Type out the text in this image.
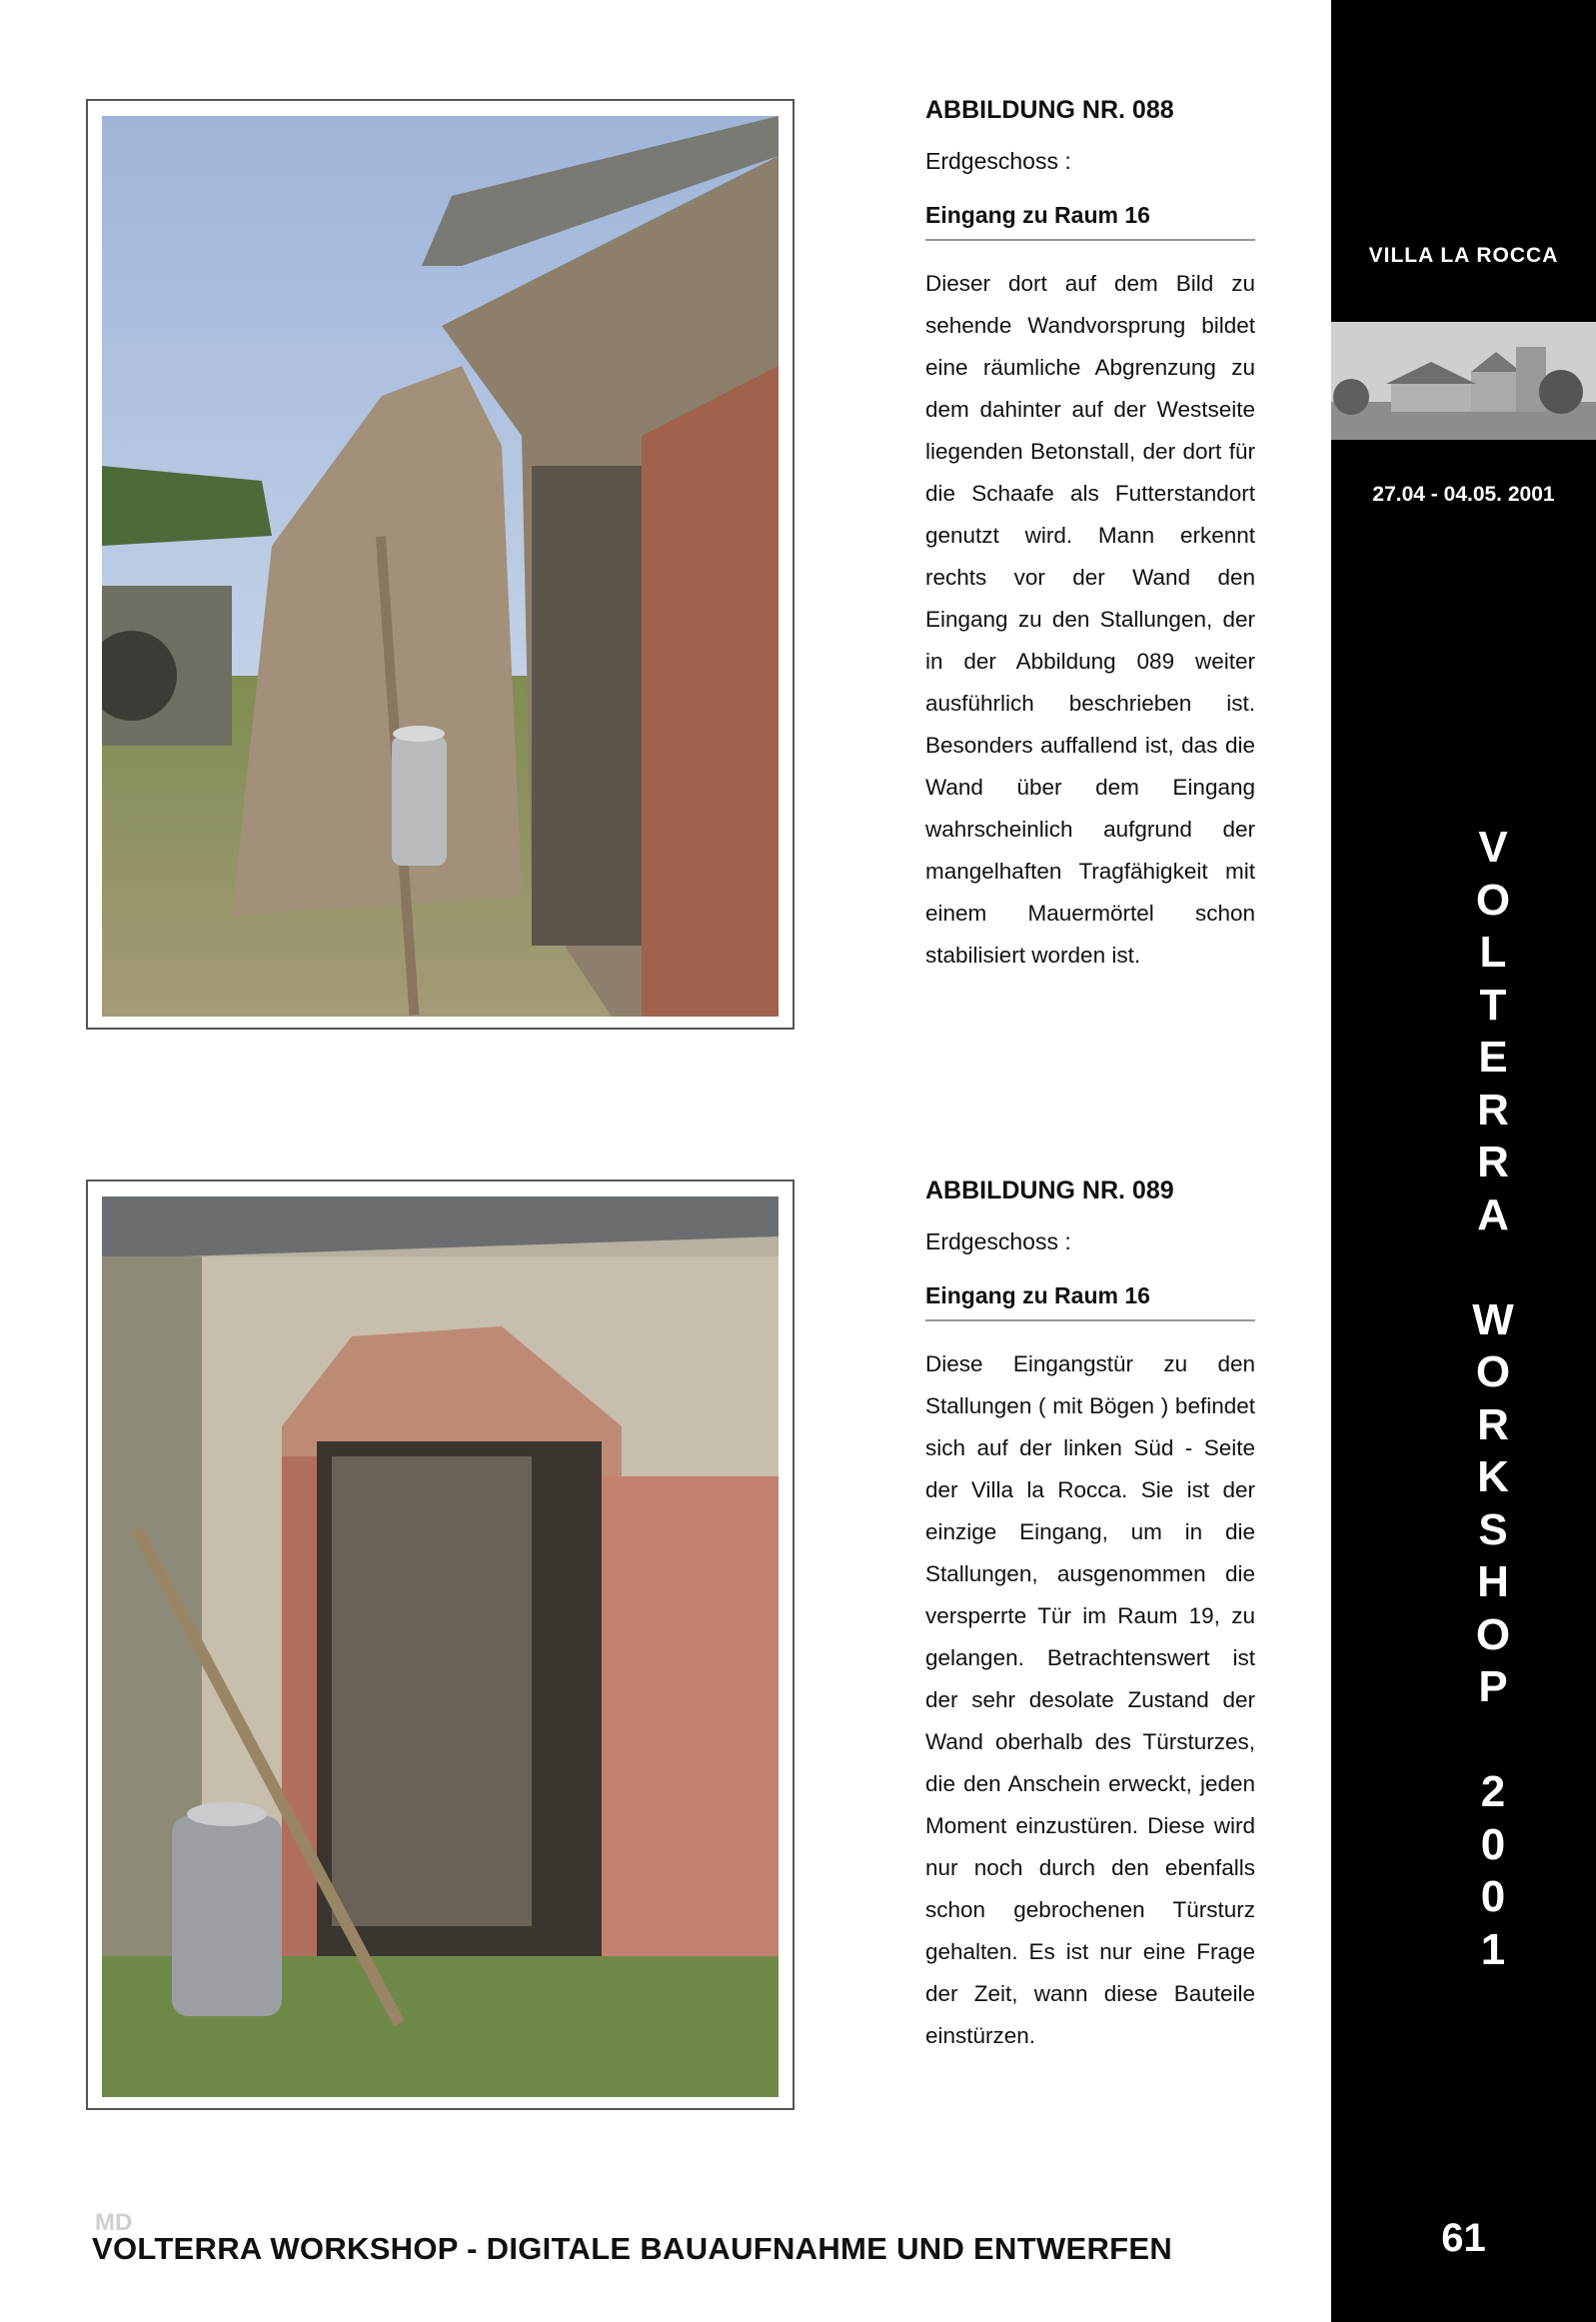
ABBILDUNG NR. 088

Erdgeschoss :
Eingang zu Raum 16
Dieser dort auf dem Bild zu sehende Wandvorsprung bildet eine räumliche Abgrenzung zu dem dahinter auf der Westseite liegenden Betonstall, der dort für die Schaafe als Futterstandort genutzt wird. Mann erkennt rechts vor der Wand den Eingang zu den Stallungen, der in der Abbildung 089 weiter ausführlich beschrieben ist. Besonders auffallend ist, das die Wand über dem Eingang wahrscheinlich aufgrund der mangelhaften Tragfähigkeit mit einem Mauermörtel schon stabilisiert worden ist.

ABBILDUNG NR. 089

Erdgeschoss :
Eingang zu Raum 16
Diese Eingangstür zu den Stallungen ( mit Bögen ) befindet sich auf der linken Süd - Seite der Villa la Rocca. Sie ist der einzige Eingang, um in die Stallungen, ausgenommen die versperrte Tür im Raum 19, zu gelangen. Betrachtenswert ist der sehr desolate Zustand der Wand oberhalb des Türsturzes, die den Anschein erweckt, jeden Moment einzustüren. Diese wird nur noch durch den ebenfalls schon gebrochenen Türsturz gehalten. Es ist nur eine Frage der Zeit, wann diese Bauteile einstürzen.
VILLA LA ROCCA
27.04 - 04.05. 2001
V
O
L
T
E
R
R
A

W
O
R
K
S
H
O
P

2
0
0
1
61
MD
VOLTERRA WORKSHOP - DIGITALE BAUAUFNAHME UND ENTWERFEN
